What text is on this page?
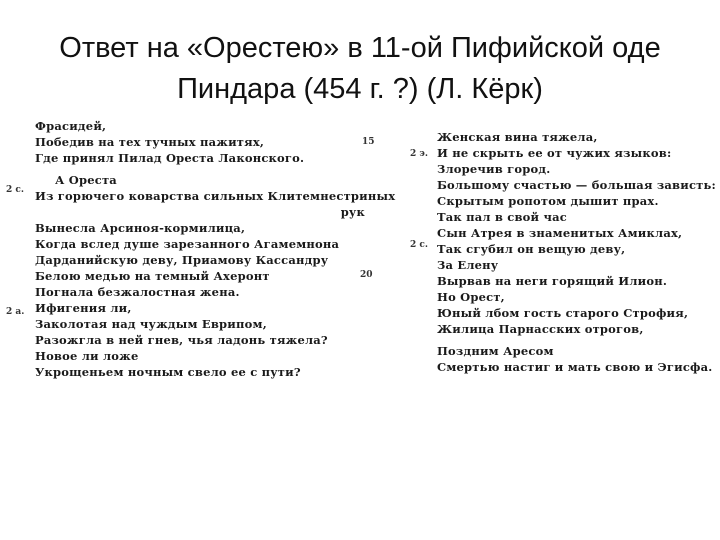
Ответ на «Орестею» в 11-ой Пифийской оде
Пиндара (454 г. ?) (Л. Кёрк)

Фрасидей,
Победив на тех тучных пажитях,
Где принял Пилад Ореста Лаконского.
А Ореста
Из горючего коварства сильных Клитемнестриных
рук
Вынесла Арсиноя-кормилица,
Когда вслед душе зарезанного Агамемнона
Дарданийскую деву, Приамову Кассандру
Белою медью на темный Ахеронт
Погнала безжалостная жена.
Ифигения ли,
Заколотая над чуждым Еврипом,
Разожгла в ней гнев, чья ладонь тяжела?
Новое ли ложе
Укрощеньем ночным свело ее с пути?
15
20
2 с.
2 а.
Женская вина тяжела,
И не скрыть ее от чужих языков:
Злоречив город.
Большому счастью — большая зависть:
Скрытым ропотом дышит прах.
Так пал в свой час
Сын Атрея в знаменитых Амиклах,
Так сгубил он вещую деву,
За Елену
Вырвав на неги горящий Илион.
Но Орест,
Юный лбом гость старого Строфия,
Жилица Парнасских отрогов,
Поздним Аресом
Смертью настиг и мать свою и Эгисфа.
2 э.
2 с.
